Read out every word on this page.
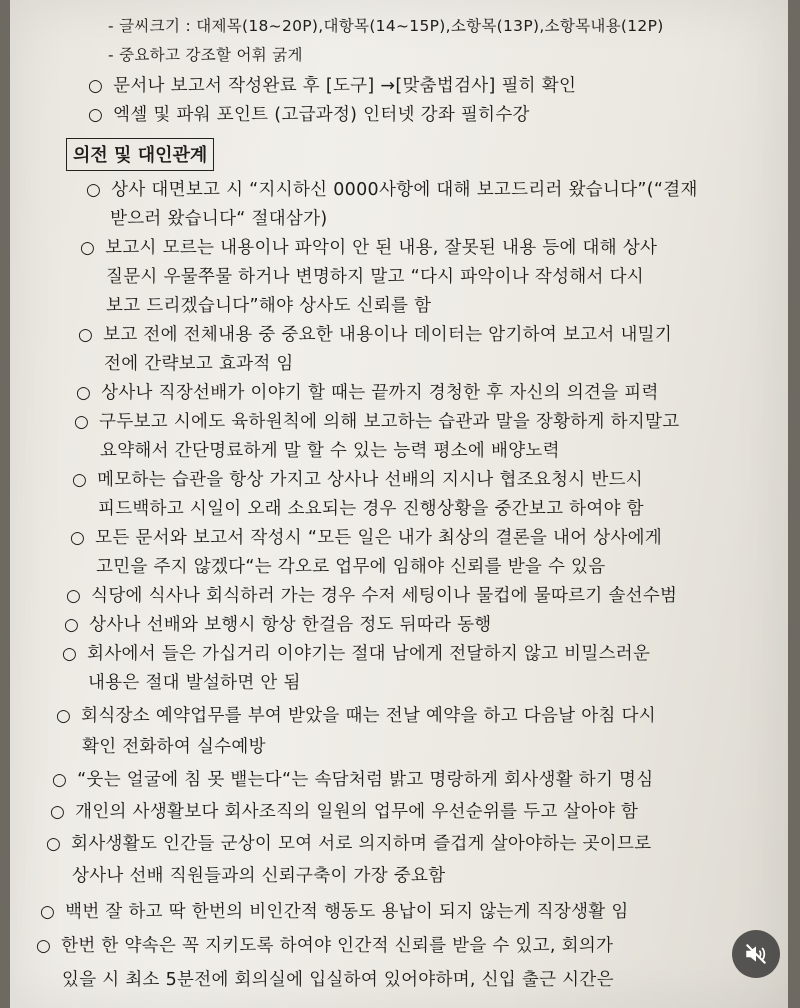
- 글씨크기 : 대제목(18~20P),대항목(14~15P),소항목(13P),소항목내용(12P)
- 중요하고 강조할 어휘 굵게
○ 문서나 보고서 작성완료 후 [도구] →[맞춤법검사] 필히 확인
○ 엑셀 및 파워 포인트 (고급과정) 인터넷 강좌 필히수강
의전 및 대인관계
○ 상사 대면보고 시 “지시하신 0000사항에 대해 보고드리러 왔습니다”(“결재
받으러 왔습니다“ 절대삼가)
○ 보고시 모르는 내용이나 파악이 안 된 내용, 잘못된 내용 등에 대해 상사
질문시 우물쭈물 하거나 변명하지 말고 “다시 파악이나 작성해서 다시
보고 드리겠습니다”해야 상사도 신뢰를 함
○ 보고 전에 전체내용 중 중요한 내용이나 데이터는 암기하여 보고서 내밀기
전에 간략보고 효과적 임
○ 상사나 직장선배가 이야기 할 때는 끝까지 경청한 후 자신의 의견을 피력
○ 구두보고 시에도 육하원칙에 의해 보고하는 습관과 말을 장황하게 하지말고
요약해서 간단명료하게 말 할 수 있는 능력 평소에 배양노력
○ 메모하는 습관을 항상 가지고 상사나 선배의 지시나 협조요청시 반드시
피드백하고 시일이 오래 소요되는 경우 진행상황을 중간보고 하여야 함
○ 모든 문서와 보고서 작성시 “모든 일은 내가 최상의 결론을 내어 상사에게
고민을 주지 않겠다“는 각오로 업무에 임해야 신뢰를 받을 수 있음
○ 식당에 식사나 회식하러 가는 경우 수저 세팅이나 물컵에 물따르기 솔선수범
○ 상사나 선배와 보행시 항상 한걸음 정도 뒤따라 동행
○ 회사에서 들은 가십거리 이야기는 절대 남에게 전달하지 않고 비밀스러운
내용은 절대 발설하면 안 됨
○ 회식장소 예약업무를 부여 받았을 때는 전날 예약을 하고 다음날 아침 다시
확인 전화하여 실수예방
○ “웃는 얼굴에 침 못 뱉는다“는 속담처럼 밝고 명랑하게 회사생활 하기 명심
○ 개인의 사생활보다 회사조직의 일원의 업무에 우선순위를 두고 살아야 함
○ 회사생활도 인간들 군상이 모여 서로 의지하며 즐겁게 살아야하는 곳이므로
상사나 선배 직원들과의 신뢰구축이 가장 중요함
○ 백번 잘 하고 딱 한번의 비인간적 행동도 용납이 되지 않는게 직장생활 임
○ 한번 한 약속은 꼭 지키도록 하여야 인간적 신뢰를 받을 수 있고, 회의가
있을 시 최소 5분전에 회의실에 입실하여 있어야하며, 신입 출근 시간은
